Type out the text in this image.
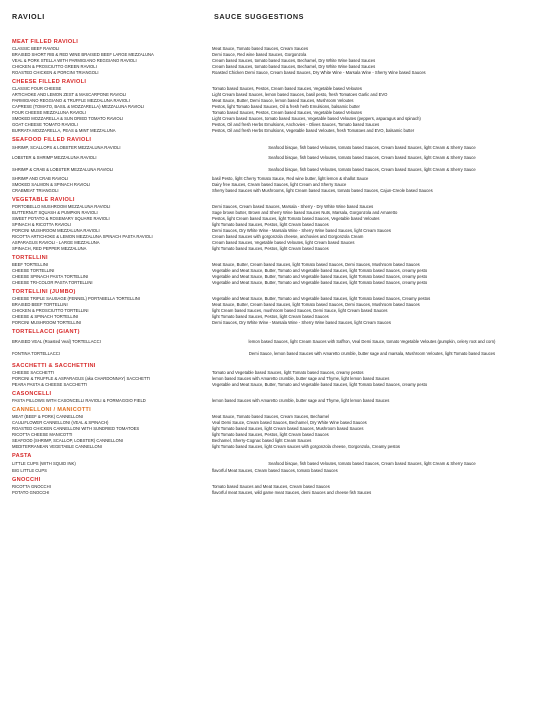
RAVIOLI	SAUCE SUGGESTIONS
MEAT FILLED RAVIOLI
CLASSIC BEEF RAVIOLI	Meat Sauce, Tomato based Sauces, Cream Sauces
BRAISED SHORT RIB & RED WINE BRAISED BEEF LARGE MEZZALUNA	Demi Sauce, Red wine based Sauces, Gorgonzola
VEAL & PORK STELLA WITH PARMIGIANO REGGIANO RAVIOLI	Cream based Sauces, tomato based Sauces, Bechamel, Dry White Wine based Sauces
CHICKEN & PROSCIUTTO GREEN RAVIOLI	Cream based Sauces, tomato based Sauces, Bechamel, Dry White Wine based Sauces
ROASTED CHICKEN & PORCINI TRIANGOLI	Roasted Chicken Demi Sauce, Cream based Sauces, Dry White Wine - Marsala Wine - Sherry Wine based Sauces
CHEESE FILLED RAVIOLI
CLASSIC FOUR CHEESE	Tomato based Sauces, Pestos, Cream based Sauces, Vegetable based Veloutes
ARTICHOKE AND LEMON ZEST & MASCARPONE RAVIOLI	Light Cream based Sauces, lemon based Sauces, basil pesto, fresh Tomatoes Garlic and EVO
PARMIGIANO REGGIANO & TRUFFLE MEZZALUNA RAVIOLI	Meat Sauce, Butter, Demi Sauce, lemon based Sauces, Mushroom Veloutes
CAPRESE (TOMATO, BASIL & MOZZARELLA) MEZZALUNA RAVIOLI	Pestos, light Tomato based Sauces, Oil & fresh herb Emulsions, balsamic butter
FOUR CHEESE MEZZALUNA RAVIOLI	Tomato based Sauces, Pestos, Cream based Sauces, Vegetable based Veloutes
SMOKED MOZZARELLA & SUN DRIED TOMATO RAVIOLI	Light Cream based Sauces, tomato based Sauces, Vegetable based Veloutes (peppers, asparagus and spinach)
GOAT CHEESE TOMATO RAVIOLI	Pestos, Oil and fresh Herbs Emulsions, Anchovies - Olives Sauces, Tomato based Sauces
BURRATA MOZZARELLA, PEAS & MINT MEZZALUNA	Pestos, Oil and fresh Herbs Emulsions, Vegetable based Veloutes, fresh Tomatoes and EVO, balsamic butter
SEAFOOD FILLED RAVIOLI
SHRIMP, SCALLOPS & LOBSTER MEZZALUNA RAVIOLI	Seafood bisque, fish based Veloutes, tomato based Sauces, Cream based Sauces, light Cream & Sherry Sauce
LOBSTER & SHRIMP MEZZALUNA RAVIOLI	Seafood bisque, fish based Veloutes, tomato based Sauces, Cream based Sauces, light Cream & Sherry Sauce
SHRIMP & CRAB & LOBSTER MEZZALUNA RAVIOLI	Seafood bisque, fish based Veloutes, tomato based Sauces, Cream based Sauces, light Cream & Sherry Sauce
SHRIMP AND CRAB RAVIOLI	basil Pesto, light Cherry Tomato Sauce, Red wine butter, light lemon & shallot Sauce
SMOKED SALMON & SPINACH RAVIOLI	Dairy free Sauces, Cream based Sauces, light Cream and Sherry Sauce
CRABMEAT TRIANGOLI	Sherry based Sauces with Mushrooms, light Cream based Sauces, tomato based Sauces, Cajun-Creole based Sauces
VEGETABLE RAVIOLI
PORTOBELLO MUSHROOM MEZZALUNA RAVIOLI	Demi Sauces, Cream based Sauces, Marsala - Sherry - Dry White Wine based Sauces
BUTTERNUT SQUASH & PUMPKIN RAVIOLI	Sage brown butter, Brown and Sherry Wine based Sauces Nuts, Marsala, Gorgonzola and Amaretto
SWEET POTATO & ROSEMARY SQUARE RAVIOLI	Pestos, light Cream based Sauces, light Tomato based Sauces, Vegetable based Veloutes
SPINACH & RICOTTA RAVIOLI	light Tomato based Sauces, Pestos, light Cream based Sauces
PORCINI MUSHROOM MEZZALUNA RAVIOLI	Demi Sauces, Dry White Wine - Marsala Wine - Sherry Wine based Sauces, light Cream Sauces
RICOTTA ARTICHOKE & LEMON MEZZALUNA SPINACH PASTA RAVIOLI	Cream based Sauces with gorgonzola cheese, anchovies and Gorgonzola Cream
ASPARAGUS RAVIOLI - LARGE MEZZALUNA	Cream based Sauces, Vegetable based Veloutes, light Cream based Sauces
SPINACH, RED PEPPER MEZZALUNA	light Tomato based Sauces, Pestos, light Cream based Sauces
TORTELLINI
BEEF TORTELLINI	Meat Sauce, Butter, Cream based Sauces, light Tomato based Sauces, Demi Sauces, Mushroom based Sauces
CHEESE TORTELLINI	Vegetable and Meat Sauce, Butter, Tomato and Vegetable based Sauces, light Tomato based Sauces, creamy pesto
CHEESE SPINACH PASTA TORTELLINI	Vegetable and Meat Sauce, Butter, Tomato and Vegetable based Sauces, light Tomato based Sauces, creamy pesto
CHEESE TRI-COLOR PASTA TORTELLINI	Vegetable and Meat Sauce, Butter, Tomato and Vegetable based Sauces, light Tomato based Sauces, creamy pesto
TORTELLINI (JUMBO)
CHEESE TRIPLE SAUSAGE (FENNEL) PORTABELLA TORTELLINI	Vegetable and Meat Sauce, Butter, Tomato and Vegetable based Sauces, light Tomato based Sauces, Creamy pestos
BRAISED BEEF TORTELLINI	Meat Sauce, Butter, Cream based Sauces, light Tomato based Sauces, Demi Sauces, Mushroom based Sauces
CHICKEN & PROSCIUTTO TORTELLINI	light Cream based Sauces, mushroom based Sauces, Demi Sauce, light Cream based Sauces
CHEESE & SPINACH TORTELLINI	light Tomato based Sauces, Pestos, light Cream based Sauces
PORCINI MUSHROOM TORTELLINI	Demi Sauces, Dry White Wine - Marsala Wine - Sherry Wine based Sauces, light Cream Sauces
TORTELLACCI (GIANT)
BRAISED VEAL (Roasted Veal) TORTELLACCI	lemon based Sauces, light Cream Sauces with Saffron, Veal Demi Sauce, tomato Vegetable Veloutes (pumpkin, celery root and corn)
FONTINA TORTELLACCI	Demi Sauce, lemon based Sauces with Amaretto crumble, butter sage and marsala, Mushroom Veloutes, light Tomato based Sauces
SACCHETTI & SACCHETTINI
CHEESE SACCHETTI	Tomato and Vegetable based Sauces, light Tomato based Sauces, creamy pestos
PORCINI & TRUFFLE & ASPARAGUS (aka CHARDONNAY) SACCHETTI	lemon based Sauces with Amaretto crumble, butter sage and Thyme, light lemon based Sauces
PEARA PASTA & CHEESE SACCHETTI	Vegetable and Meat Sauce, Butter, Tomato and Vegetable based Sauces, light Tomato based Sauces, creamy pesto
CASONCELLI
PASTA PILLOWS WITH CASONCELLI RAVIOLI & FORMAGGIO FIELD	lemon based Sauces with Amaretto crumble, butter sage and Thyme, light lemon based Sauces
CANNELLONI / MANICOTTI
MEAT (BEEF & PORK) CANNELLONI	Meat Sauce, Tomato based Sauces, Cream Sauces, Bechamel
CAULIFLOWER CANNELLONI (VEAL & SPINACH)	Veal Demi Sauce, Cream based Sauces, Bechamel, Dry White Wine based Sauces
ROASTED CHICKEN CANNELLONI WITH SUNDRIED TOMATOES	light Tomato based Sauces, light Cream based Sauces, Mushroom based Sauces
RICOTTA CHEESE MANICOTTI	light Tomato based Sauces, Pestos, light Cream based Sauces
SEAFOOD (SHRIMP, SCALLOP, LOBSTER) CANNELLONI	Bechamel, Sherry-Cognac based light Cream Sauces
MEDITERRANEAN VEGETABLE CANNELLONI	light Tomato based Sauces, light Cream sauces with gorgonzola cheese, Gorgonzola, Creamy pestos
PASTA
LITTLE CUPS (WITH SQUID INK)	Seafood bisque, fish based Veloutes, tomato based Sauces, Cream based Sauces, light Cream & Sherry Sauce
BIG LITTLE CUPS	flavorful Meat Sauces, Cream based Sauces, tomato based Sauces
GNOCCHI
RICOTTA GNOCCHI	Tomato based Sauces and Meat Sauces, Cream based Sauces
POTATO GNOCCHI	flavorful meat Sauces, wild game meat Sauces, demi Sauces and cheese fish Sauces
